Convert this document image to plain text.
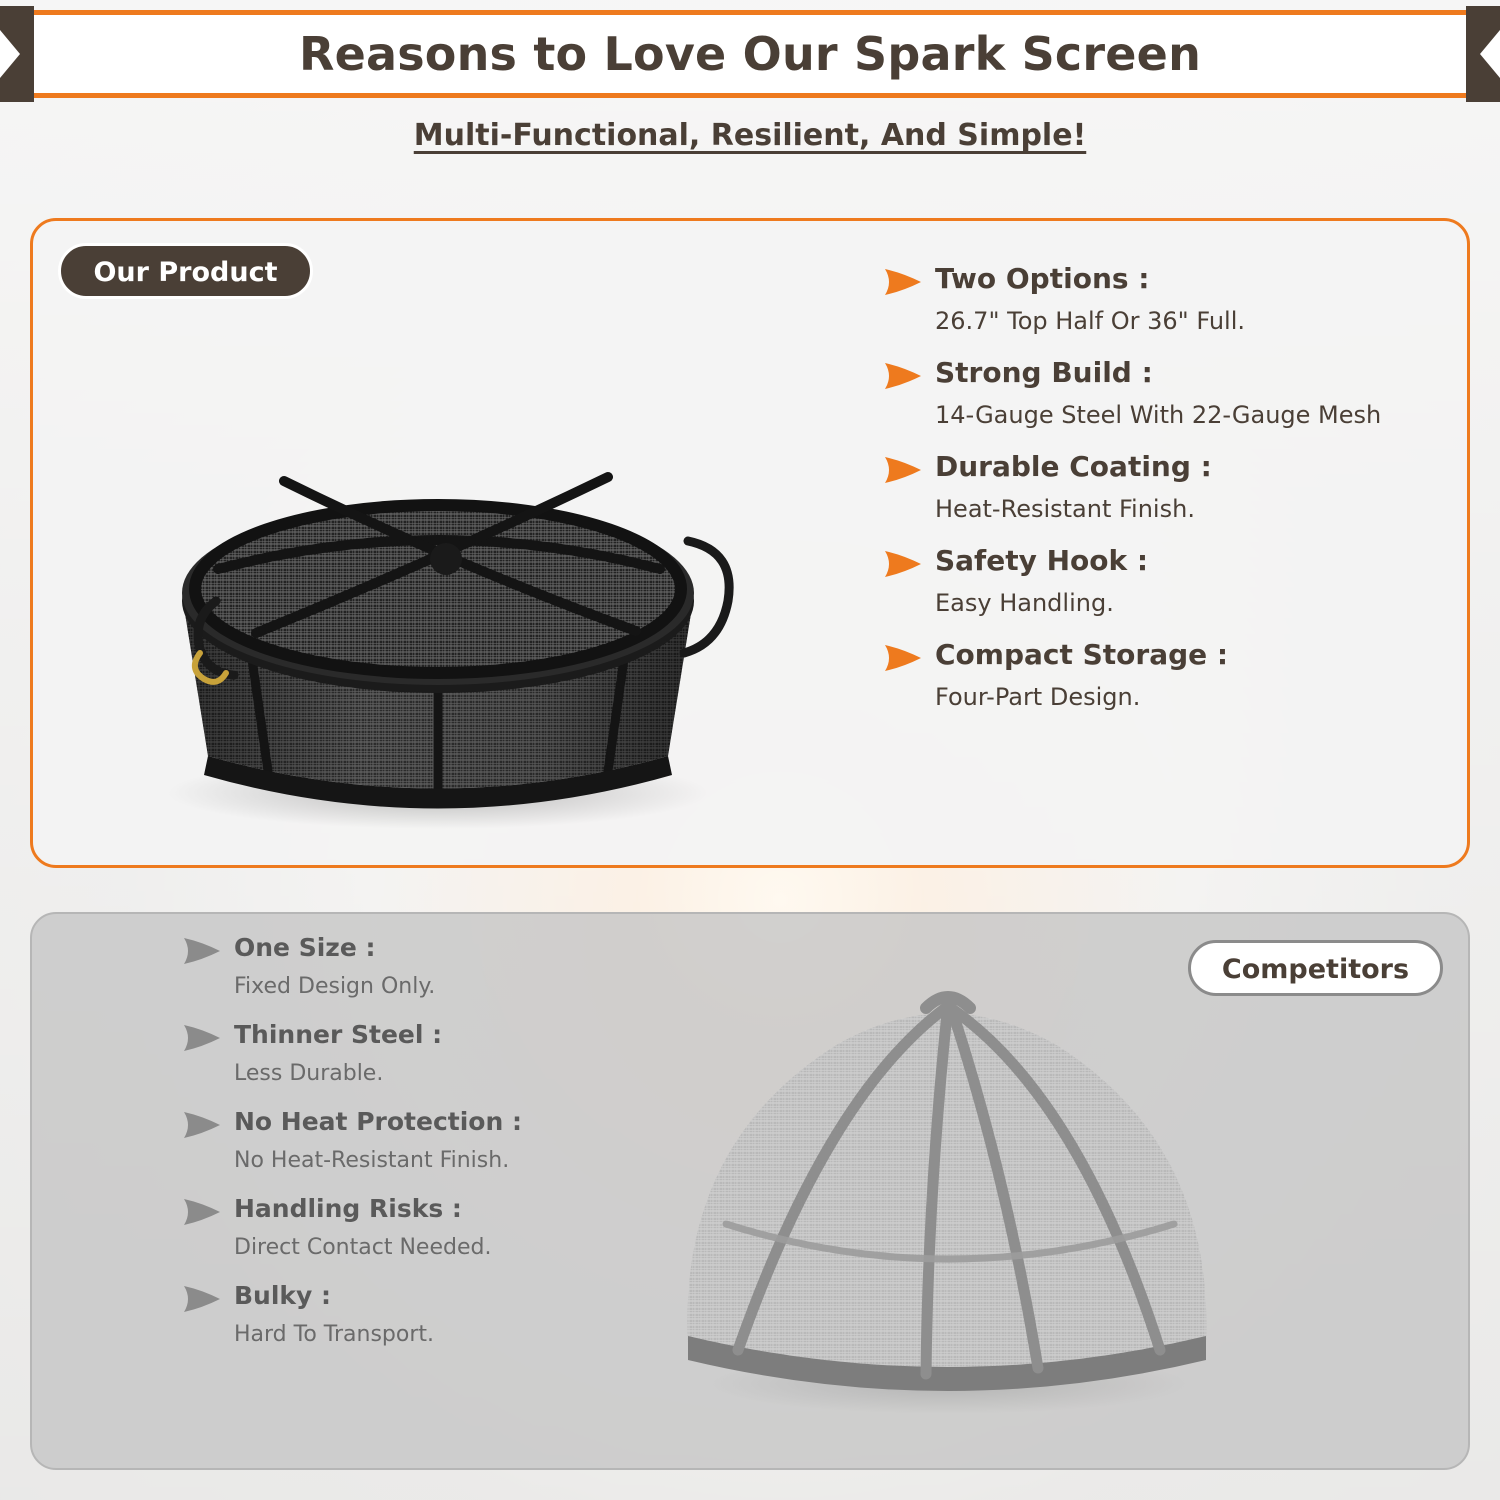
Reasons to Love Our Spark Screen
Multi-Functional, Resilient, And Simple!
Our Product	Two Options :
26.7" Top Half Or 36" Full.
Strong Build :
14-Gauge Steel With 22-Gauge Mesh
Durable Coating :
Heat-Resistant Finish.
Safety Hook :
Easy Handling.
Compact Storage :
Four-Part Design.
Competitors
One Size :
Fixed Design Only.
Thinner Steel :
Less Durable.
No Heat Protection :
No Heat-Resistant Finish.
Handling Risks :
Direct Contact Needed.
Bulky :
Hard To Transport.
